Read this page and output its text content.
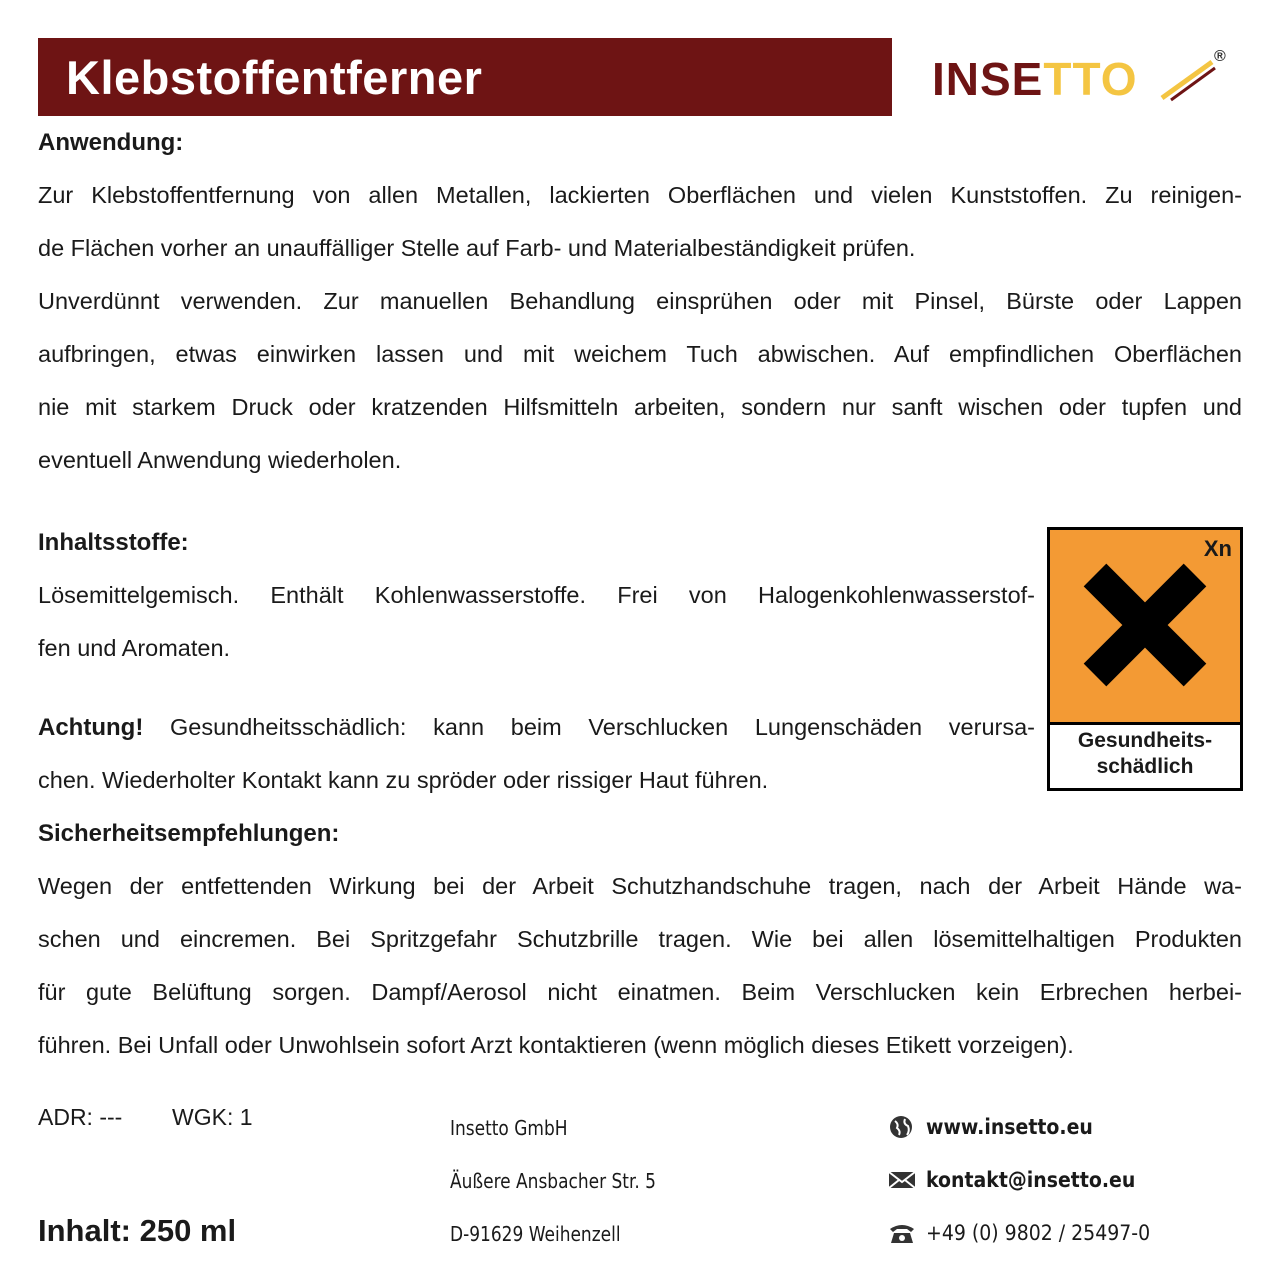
Klebstoffentferner	INSETTO	®
Anwendung:
Zur Klebstoffentfernung von allen Metallen, lackierten Oberflächen und vielen Kunststoffen. Zu reinigen-
de Flächen vorher an unauffälliger Stelle auf Farb- und Materialbeständigkeit prüfen.
Unverdünnt verwenden. Zur manuellen Behandlung einsprühen oder mit Pinsel, Bürste oder Lappen
aufbringen, etwas einwirken lassen und mit weichem Tuch abwischen. Auf empfindlichen Oberflächen
nie mit starkem Druck oder kratzenden Hilfsmitteln arbeiten, sondern nur sanft wischen oder tupfen und
eventuell Anwendung wiederholen.
Inhaltsstoffe:
Lösemittelgemisch. Enthält Kohlenwasserstoffe. Frei von Halogenkohlenwasserstof-
fen und Aromaten.
Achtung! Gesundheitsschädlich: kann beim Verschlucken Lungenschäden verursa-
chen. Wiederholter Kontakt kann zu spröder oder rissiger Haut führen.
Xn
Gesundheits-
schädlich
Sicherheitsempfehlungen:
Wegen der entfettenden Wirkung bei der Arbeit Schutzhandschuhe tragen, nach der Arbeit Hände wa-
schen und eincremen. Bei Spritzgefahr Schutzbrille tragen. Wie bei allen lösemittelhaltigen Produkten
für gute Belüftung sorgen. Dampf/Aerosol nicht einatmen. Beim Verschlucken kein Erbrechen herbei-
führen. Bei Unfall oder Unwohlsein sofort Arzt kontaktieren (wenn möglich dieses Etikett vorzeigen).
ADR: --- WGK: 1
Inhalt: 250 ml
Insetto GmbH
Äußere Ansbacher Str. 5
D-91629 Weihenzell
www.insetto.eu
kontakt@insetto.eu
+49 (0) 9802 / 25497-0
